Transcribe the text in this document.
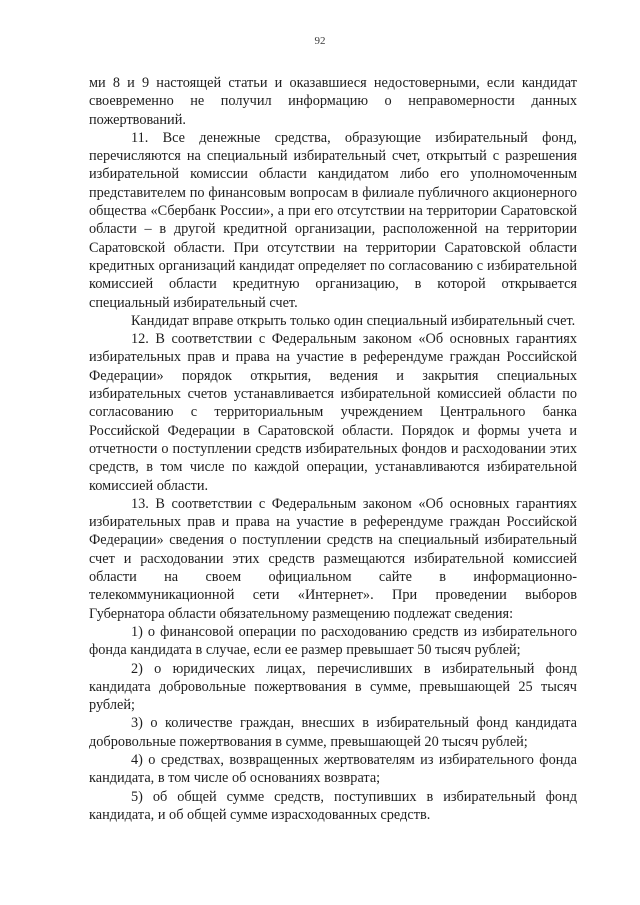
92

ми 8 и 9 настоящей статьи и оказавшиеся недостоверными, если кандидат своевременно не получил информацию о неправомерности данных пожертвований.

11. Все денежные средства, образующие избирательный фонд, перечисляются на специальный избирательный счет, открытый с разрешения избирательной комиссии области кандидатом либо его уполномоченным представителем по финансовым вопросам в филиале публичного акционерного общества «Сбербанк России», а при его отсутствии на территории Саратовской области – в другой кредитной организации, расположенной на территории Саратовской области. При отсутствии на территории Саратовской области кредитных организаций кандидат определяет по согласованию с избирательной комиссией области кредитную организацию, в которой открывается специальный избирательный счет.

Кандидат вправе открыть только один специальный избирательный счет.

12. В соответствии с Федеральным законом «Об основных гарантиях избирательных прав и права на участие в референдуме граждан Российской Федерации» порядок открытия, ведения и закрытия специальных избирательных счетов устанавливается избирательной комиссией области по согласованию с территориальным учреждением Центрального банка Российской Федерации в Саратовской области. Порядок и формы учета и отчетности о поступлении средств избирательных фондов и расходовании этих средств, в том числе по каждой операции, устанавливаются избирательной комиссией области.

13. В соответствии с Федеральным законом «Об основных гарантиях избирательных прав и права на участие в референдуме граждан Российской Федерации» сведения о поступлении средств на специальный избирательный счет и расходовании этих средств размещаются избирательной комиссией области на своем официальном сайте в информационно-телекоммуникационной сети «Интернет». При проведении выборов Губернатора области обязательному размещению подлежат сведения:

1) о финансовой операции по расходованию средств из избирательного фонда кандидата в случае, если ее размер превышает 50 тысяч рублей;

2) о юридических лицах, перечисливших в избирательный фонд кандидата добровольные пожертвования в сумме, превышающей 25 тысяч рублей;

3) о количестве граждан, внесших в избирательный фонд кандидата добровольные пожертвования в сумме, превышающей 20 тысяч рублей;

4) о средствах, возвращенных жертвователям из избирательного фонда кандидата, в том числе об основаниях возврата;

5) об общей сумме средств, поступивших в избирательный фонд кандидата, и об общей сумме израсходованных средств.
